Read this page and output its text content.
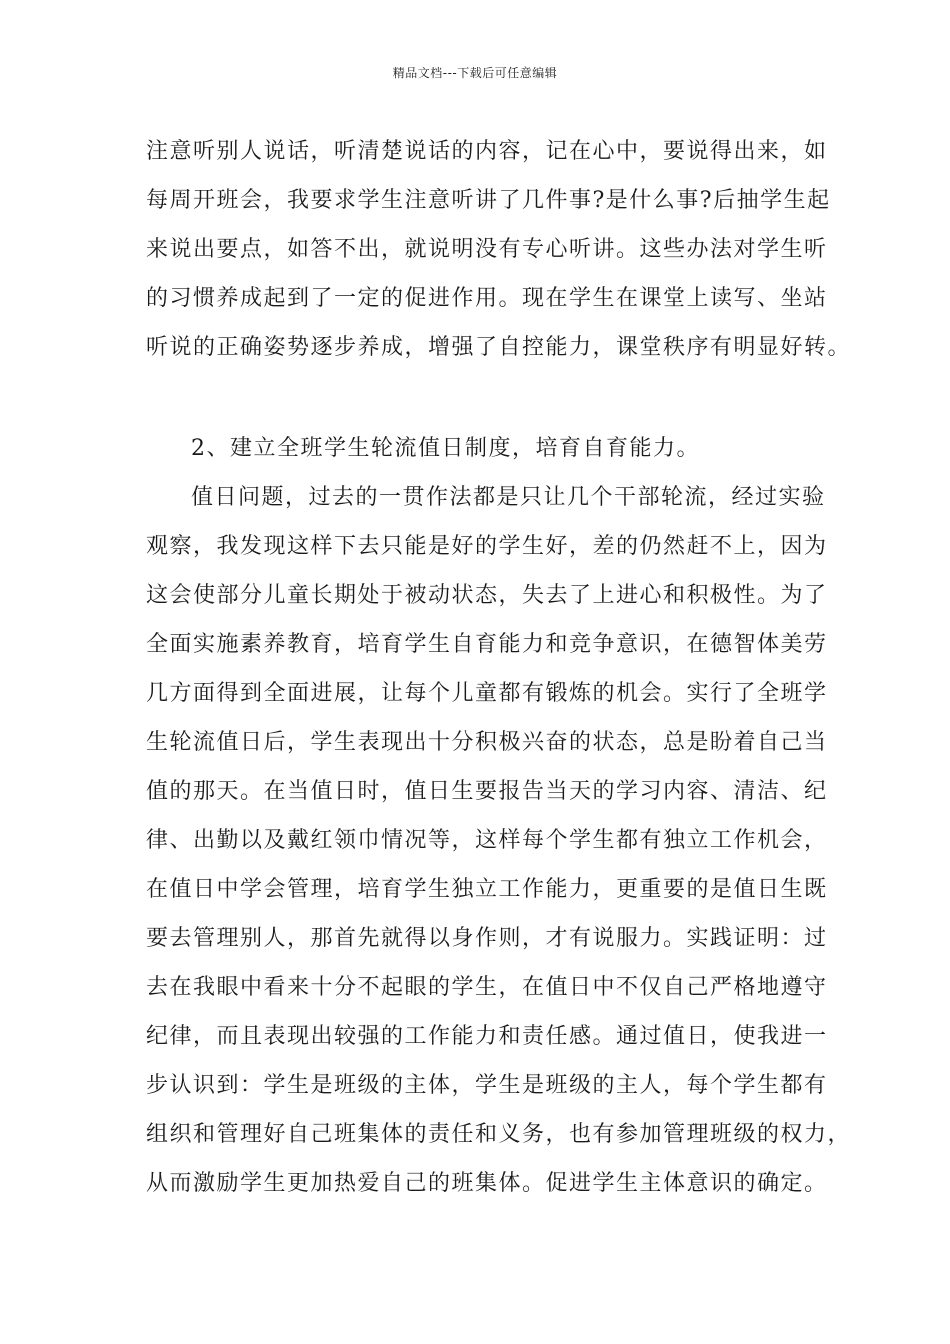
精品文档---下载后可任意编辑
注意听别人说话，听清楚说话的内容，记在心中，要说得出来，如
每周开班会，我要求学生注意听讲了几件事?是什么事?后抽学生起
来说出要点，如答不出，就说明没有专心听讲。这些办法对学生听
的习惯养成起到了一定的促进作用。现在学生在课堂上读写、坐站
听说的正确姿势逐步养成，增强了自控能力，课堂秩序有明显好转。
2、建立全班学生轮流值日制度，培育自育能力。
值日问题，过去的一贯作法都是只让几个干部轮流，经过实验
观察，我发现这样下去只能是好的学生好，差的仍然赶不上，因为
这会使部分儿童长期处于被动状态，失去了上进心和积极性。为了
全面实施素养教育，培育学生自育能力和竞争意识，在德智体美劳
几方面得到全面进展，让每个儿童都有锻炼的机会。实行了全班学
生轮流值日后，学生表现出十分积极兴奋的状态，总是盼着自己当
值的那天。在当值日时，值日生要报告当天的学习内容、清洁、纪
律、出勤以及戴红领巾情况等，这样每个学生都有独立工作机会，
在值日中学会管理，培育学生独立工作能力，更重要的是值日生既
要去管理别人，那首先就得以身作则，才有说服力。实践证明：过
去在我眼中看来十分不起眼的学生，在值日中不仅自己严格地遵守
纪律，而且表现出较强的工作能力和责任感。通过值日，使我进一
步认识到：学生是班级的主体，学生是班级的主人，每个学生都有
组织和管理好自己班集体的责任和义务，也有参加管理班级的权力，
从而激励学生更加热爱自己的班集体。促进学生主体意识的确定。
